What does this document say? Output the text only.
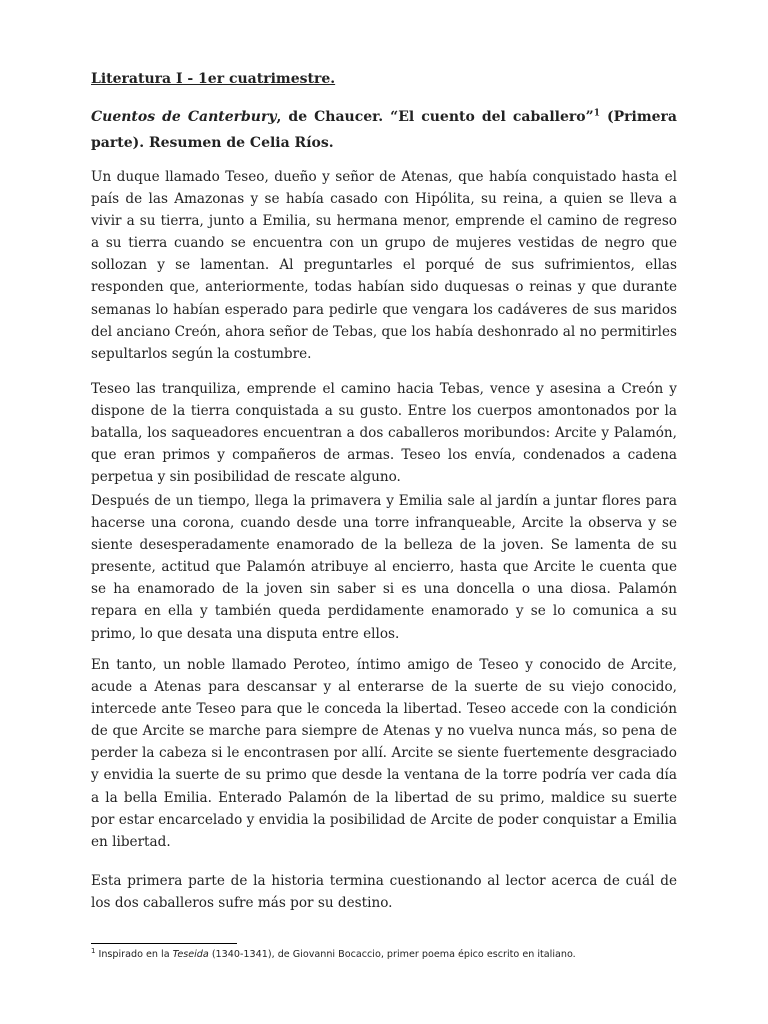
Literatura I - 1er cuatrimestre.

Cuentos de Canterbury, de Chaucer. “El cuento del caballero”$^1$ (Primera parte). Resumen de Celia Ríos.

Un duque llamado Teseo, dueño y señor de Atenas, que había conquistado hasta el país de las Amazonas y se había casado con Hipólita, su reina, a quien se lleva a vivir a su tierra, junto a Emilia, su hermana menor, emprende el camino de regreso a su tierra cuando se encuentra con un grupo de mujeres vestidas de negro que sollozan y se lamentan. Al preguntarles el porqué de sus sufrimientos, ellas responden que, anteriormente, todas habían sido duquesas o reinas y que durante semanas lo habían esperado para pedirle que vengara los cadáveres de sus maridos del anciano Creón, ahora señor de Tebas, que los había deshonrado al no permitirles sepultarlos según la costumbre.

Teseo las tranquiliza, emprende el camino hacia Tebas, vence y asesina a Creón y dispone de la tierra conquistada a su gusto. Entre los cuerpos amontonados por la batalla, los saqueadores encuentran a dos caballeros moribundos: Arcite y Palamón, que eran primos y compañeros de armas. Teseo los envía, condenados a cadena perpetua y sin posibilidad de rescate alguno.

Después de un tiempo, llega la primavera y Emilia sale al jardín a juntar flores para hacerse una corona, cuando desde una torre infranqueable, Arcite la observa y se siente desesperadamente enamorado de la belleza de la joven. Se lamenta de su presente, actitud que Palamón atribuye al encierro, hasta que Arcite le cuenta que se ha enamorado de la joven sin saber si es una doncella o una diosa. Palamón repara en ella y también queda perdidamente enamorado y se lo comunica a su primo, lo que desata una disputa entre ellos.

En tanto, un noble llamado Peroteo, íntimo amigo de Teseo y conocido de Arcite, acude a Atenas para descansar y al enterarse de la suerte de su viejo conocido, intercede ante Teseo para que le conceda la libertad. Teseo accede con la condición de que Arcite se marche para siempre de Atenas y no vuelva nunca más, so pena de perder la cabeza si le encontrasen por allí. Arcite se siente fuertemente desgraciado y envidia la suerte de su primo que desde la ventana de la torre podría ver cada día a la bella Emilia. Enterado Palamón de la libertad de su primo, maldice su suerte por estar encarcelado y envidia la posibilidad de Arcite de poder conquistar a Emilia en libertad.

Esta primera parte de la historia termina cuestionando al lector acerca de cuál de los dos caballeros sufre más por su destino.

$^1$ Inspirado en la Teseida (1340-1341), de Giovanni Bocaccio, primer poema épico escrito en italiano.
